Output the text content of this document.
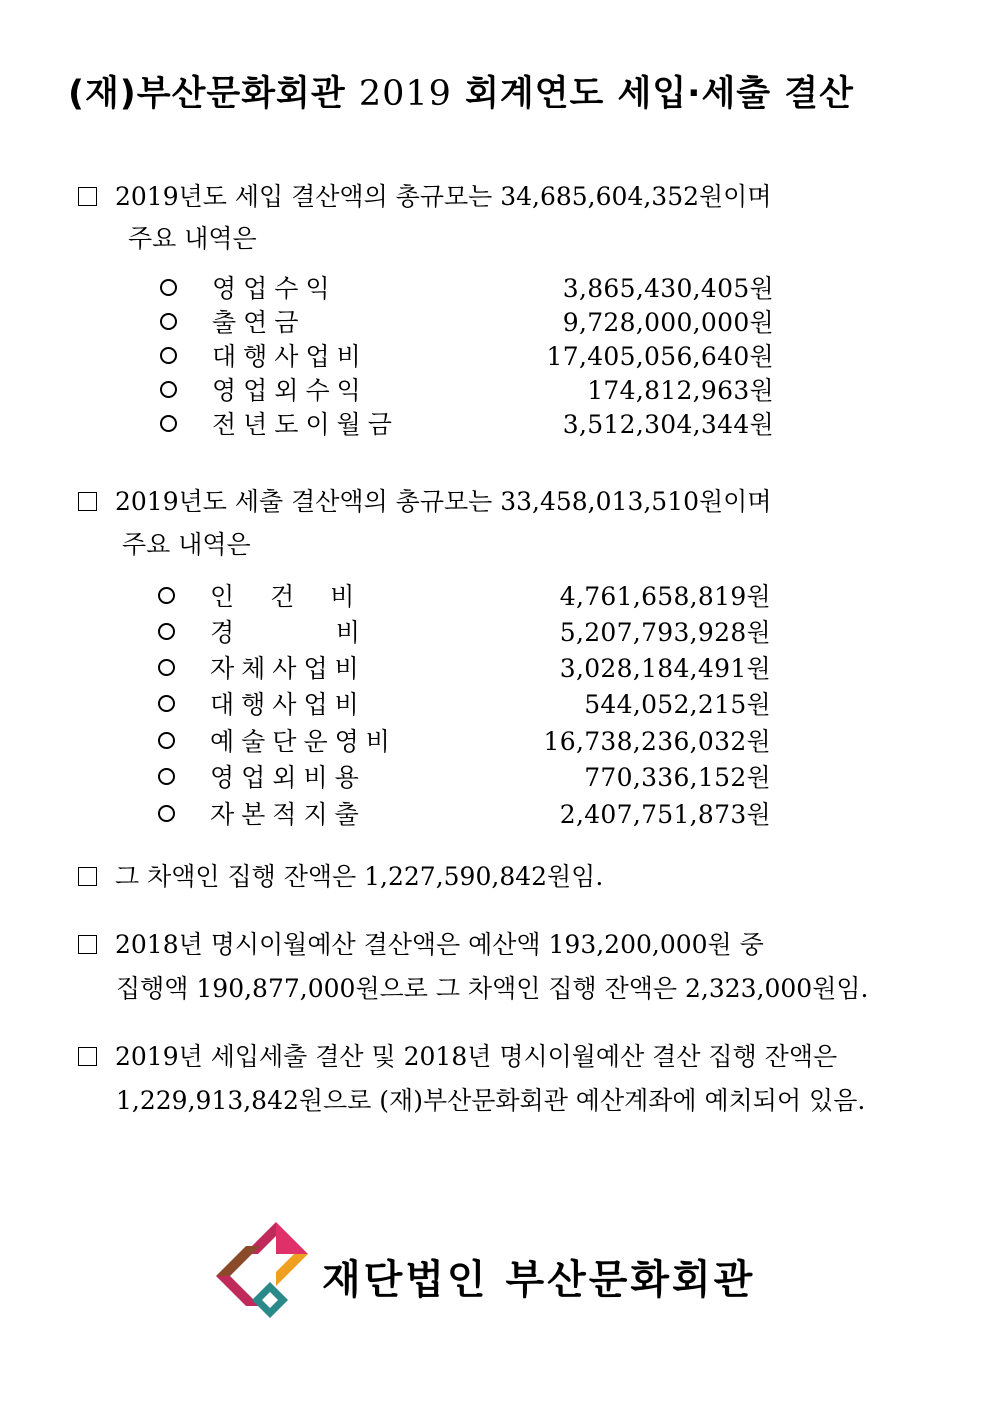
(재)부산문화회관 2019 회계연도 세입·세출 결산
2019년도 세입 결산액의 총규모는 34,685,604,352원이며
주요 내역은
영업수익	3,865,430,405원
출연금	9,728,000,000원
대행사업비	17,405,056,640원
영업외수익	174,812,963원
전년도이월금	3,512,304,344원
2019년도 세출 결산액의 총규모는 33,458,013,510원이며
주요 내역은
인 건 비	4,761,658,819원
경    비	5,207,793,928원
자체사업비	3,028,184,491원
대행사업비	544,052,215원
예술단운영비	16,738,236,032원
영업외비용	770,336,152원
자본적지출	2,407,751,873원
그 차액인 집행 잔액은 1,227,590,842원임.
2018년 명시이월예산 결산액은 예산액 193,200,000원 중
집행액 190,877,000원으로 그 차액인 집행 잔액은 2,323,000원임.
2019년 세입세출 결산 및 2018년 명시이월예산 결산 집행 잔액은
1,229,913,842원으로 (재)부산문화회관 예산계좌에 예치되어 있음.
재단법인 부산문화회관
